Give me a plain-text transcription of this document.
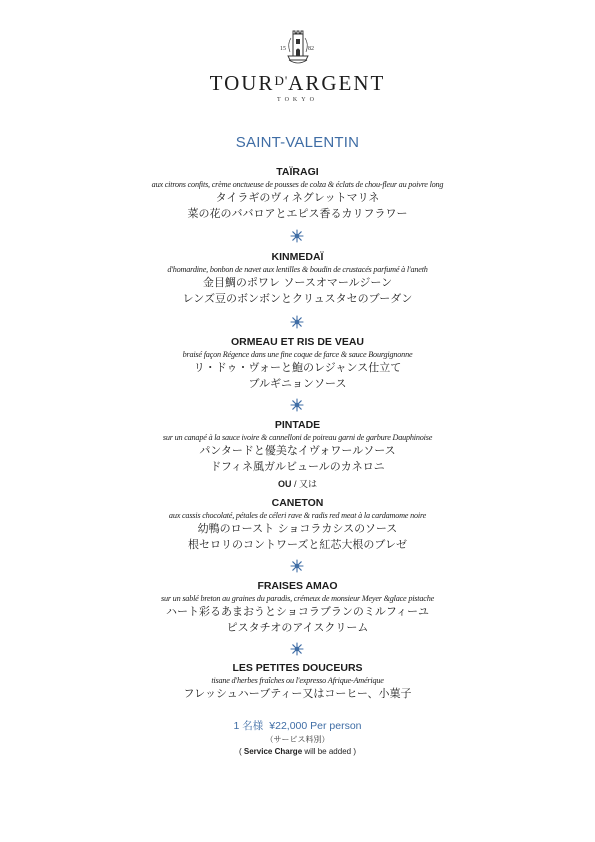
15	82
$TOUR^{D'}ARGENT$
TOKYO
SAINT-VALENTIN
TAÏRAGI
aux citrons confits, crème onctueuse de pousses de colza & éclats de chou-fleur au poivre long
タイラギのヴィネグレットマリネ
菜の花のババロアとエピス香るカリフラワー
KINMEDAÏ
d'homardine, bonbon de navet aux lentilles & boudin de crustacés parfumé à l'aneth
金目鯛のポワレ ソースオマールジーン
レンズ豆のボンボンとクリュスタセのブーダン
ORMEAU ET RIS DE VEAU
braisé façon Régence dans une fine coque de farce & sauce Bourgignonne
リ・ドゥ・ヴォーと鮑のレジャンス仕立て
ブルギニョンソース
PINTADE
sur un canapé à la sauce ivoire & cannelloni de poireau garni de garbure Dauphinoise
パンタードと優美なイヴォワールソース
ドフィネ風ガルビュールのカネロニ
OU / 又は
CANETON
aux cassis chocolaté, pétales de céleri rave & radis red meat à la cardamome noire
幼鴨のロースト ショコラカシスのソース
根セロリのコントワーズと紅芯大根のブレゼ
FRAISES AMAO
sur un sablé breton au graines du paradis, crémeux de monsieur Meyer &glace pistache
ハート彩るあまおうとショコラブランのミルフィーユ
ピスタチオのアイスクリーム
LES PETITES DOUCEURS
tisane d'herbes fraîches ou l'expresso Afrique-Amérique
フレッシュハーブティー又はコーヒー、小菓子
1 名様 ¥22,000 Per person
（サービス料別）
( Service Charge will be added )
